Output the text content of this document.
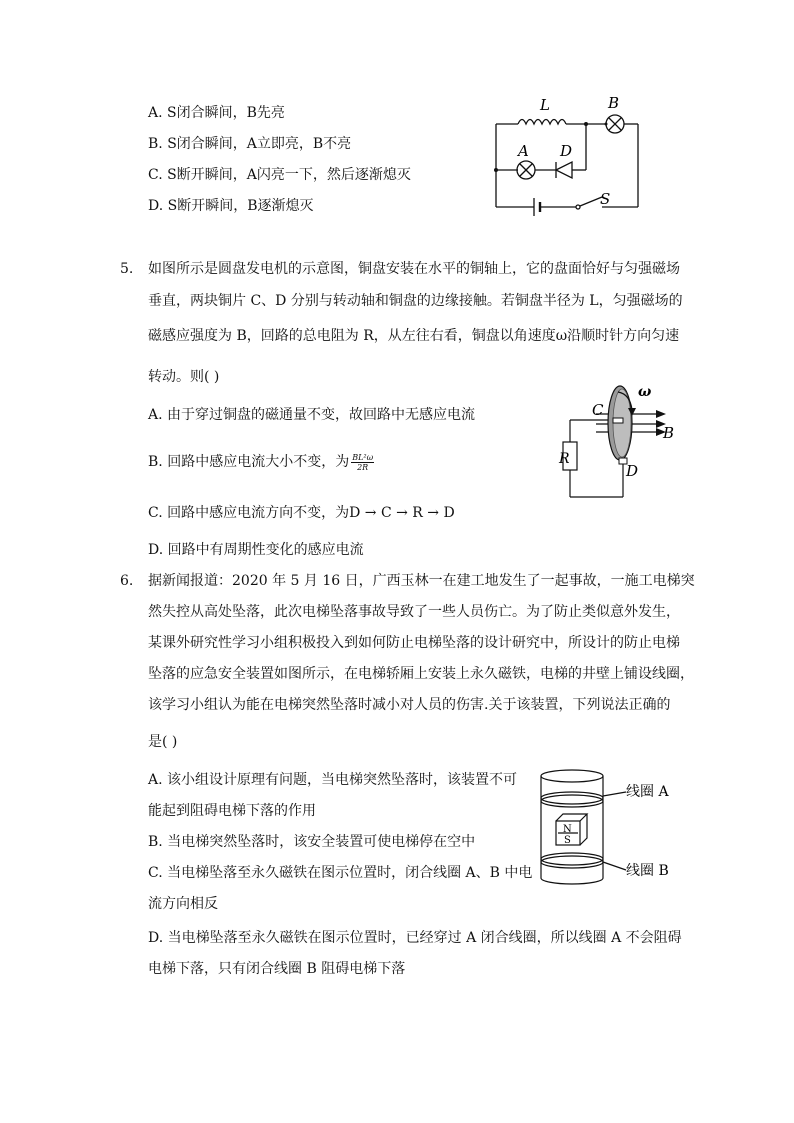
A. S闭合瞬间，B先亮
B. S闭合瞬间，A立即亮，B不亮
C. S断开瞬间，A闪亮一下，然后逐渐熄灭
D. S断开瞬间，B逐渐熄灭
L	B
A D
S
5. 如图所示是圆盘发电机的示意图，铜盘安装在水平的铜轴上，它的盘面恰好与匀强磁场
垂直，两块铜片 C、D 分别与转动轴和铜盘的边缘接触。若铜盘半径为 L，匀强磁场的
磁感应强度为 B，回路的总电阻为 R，从左往右看，铜盘以角速度ω沿顺时针方向匀速
转动。则( )
A. 由于穿过铜盘的磁通量不变，故回路中无感应电流
B. 回路中感应电流大小不变，为 $\frac{\text{BL²ω}}{2R}$
C. 回路中感应电流方向不变，为D → C → R → D
D. 回路中有周期性变化的感应电流
ω
C
B
R
D
6. 据新闻报道：2020 年 5 月 16 日，广西玉林一在建工地发生了一起事故，一施工电梯突
然失控从高处坠落，此次电梯坠落事故导致了一些人员伤亡。为了防止类似意外发生，
某课外研究性学习小组积极投入到如何防止电梯坠落的设计研究中，所设计的防止电梯
坠落的应急安全装置如图所示，在电梯轿厢上安装上永久磁铁，电梯的井壁上铺设线圈，
该学习小组认为能在电梯突然坠落时减小对人员的伤害.关于该装置，下列说法正确的
是( )
A. 该小组设计原理有问题，当电梯突然坠落时，该装置不可
能起到阻碍电梯下落的作用
B. 当电梯突然坠落时，该安全装置可使电梯停在空中
C. 当电梯坠落至永久磁铁在图示位置时，闭合线圈 A、B 中电
流方向相反
D. 当电梯坠落至永久磁铁在图示位置时，已经穿过 A 闭合线圈，所以线圈 A 不会阻碍
电梯下落，只有闭合线圈 B 阻碍电梯下落
N
S
线圈 A
线圈 B
